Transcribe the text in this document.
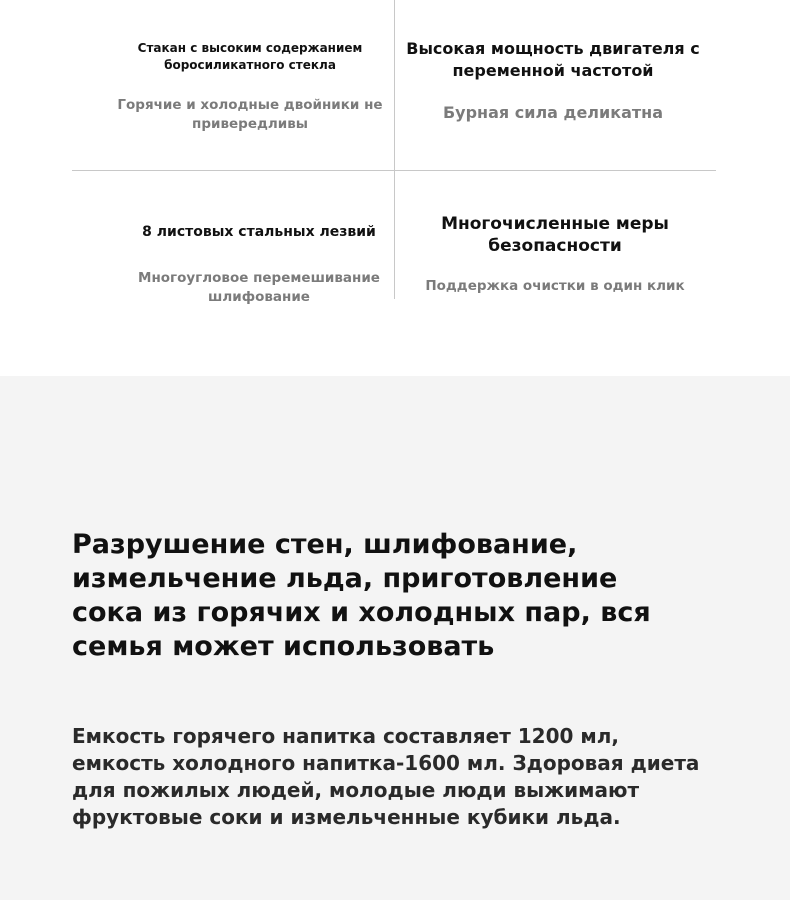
Стакан с высоким содержанием боросиликатного стекла
Горячие и холодные двойники не привередливы
Высокая мощность двигателя с переменной частотой
Бурная сила деликатна
8 листовых стальных лезвий
Многоугловое перемешивание шлифование
Многочисленные меры безопасности
Поддержка очистки в один клик
Разрушение стен, шлифование, измельчение льда, приготовление сока из горячих и холодных пар, вся семья может использовать

Емкость горячего напитка составляет 1200 мл, емкость холодного напитка-1600 мл. Здоровая диета для пожилых людей, молодые люди выжимают фруктовые соки и измельченные кубики льда.
